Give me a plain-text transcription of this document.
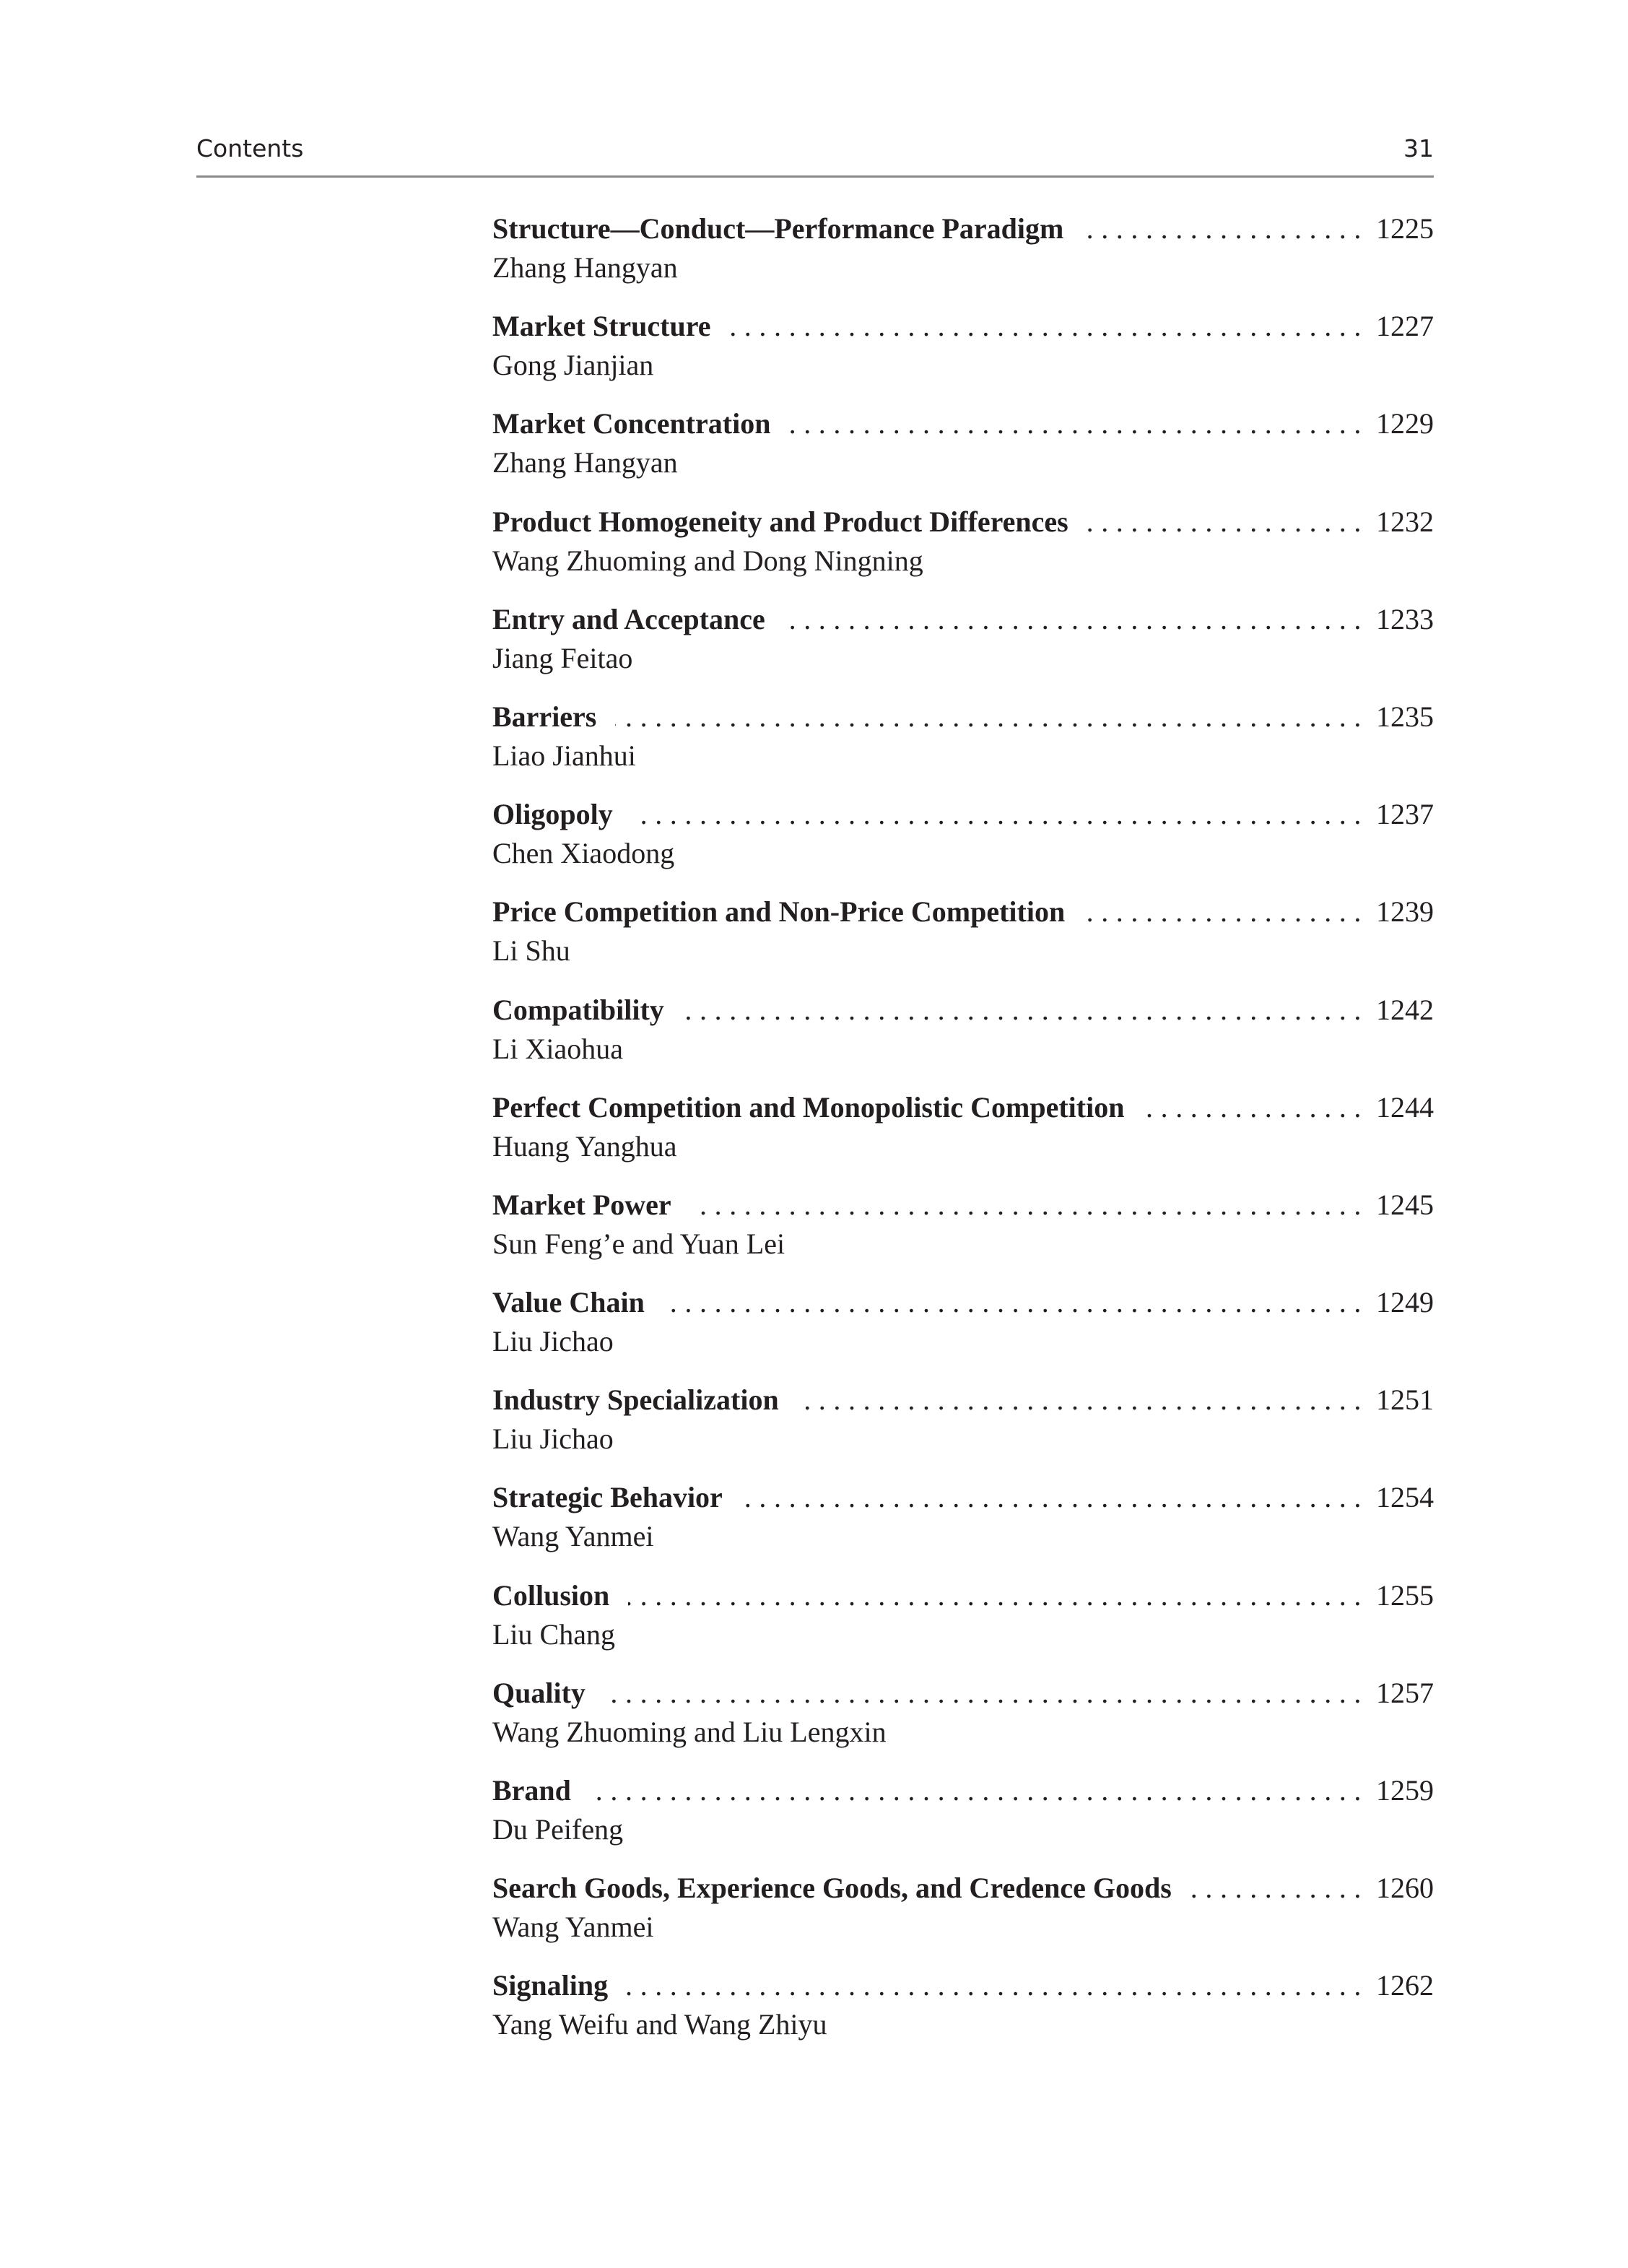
Contents	31
Structure—Conduct—Performance Paradigm .....	1225
Zhang Hangyan
Market Structure .....	1227
Gong Jianjian
Market Concentration .....	1229
Zhang Hangyan
Product Homogeneity and Product Differences .....	1232
Wang Zhuoming and Dong Ningning
Entry and Acceptance .....	1233
Jiang Feitao
Barriers .....	1235
Liao Jianhui
Oligopoly .....	1237
Chen Xiaodong
Price Competition and Non-Price Competition .....	1239
Li Shu
Compatibility .....	1242
Li Xiaohua
Perfect Competition and Monopolistic Competition .....	1244
Huang Yanghua
Market Power .....	1245
Sun Feng’e and Yuan Lei
Value Chain .....	1249
Liu Jichao
Industry Specialization .....	1251
Liu Jichao
Strategic Behavior .....	1254
Wang Yanmei
Collusion .....	1255
Liu Chang
Quality .....	1257
Wang Zhuoming and Liu Lengxin
Brand .....	1259
Du Peifeng
Search Goods, Experience Goods, and Credence Goods .....	1260
Wang Yanmei
Signaling .....	1262
Yang Weifu and Wang Zhiyu
